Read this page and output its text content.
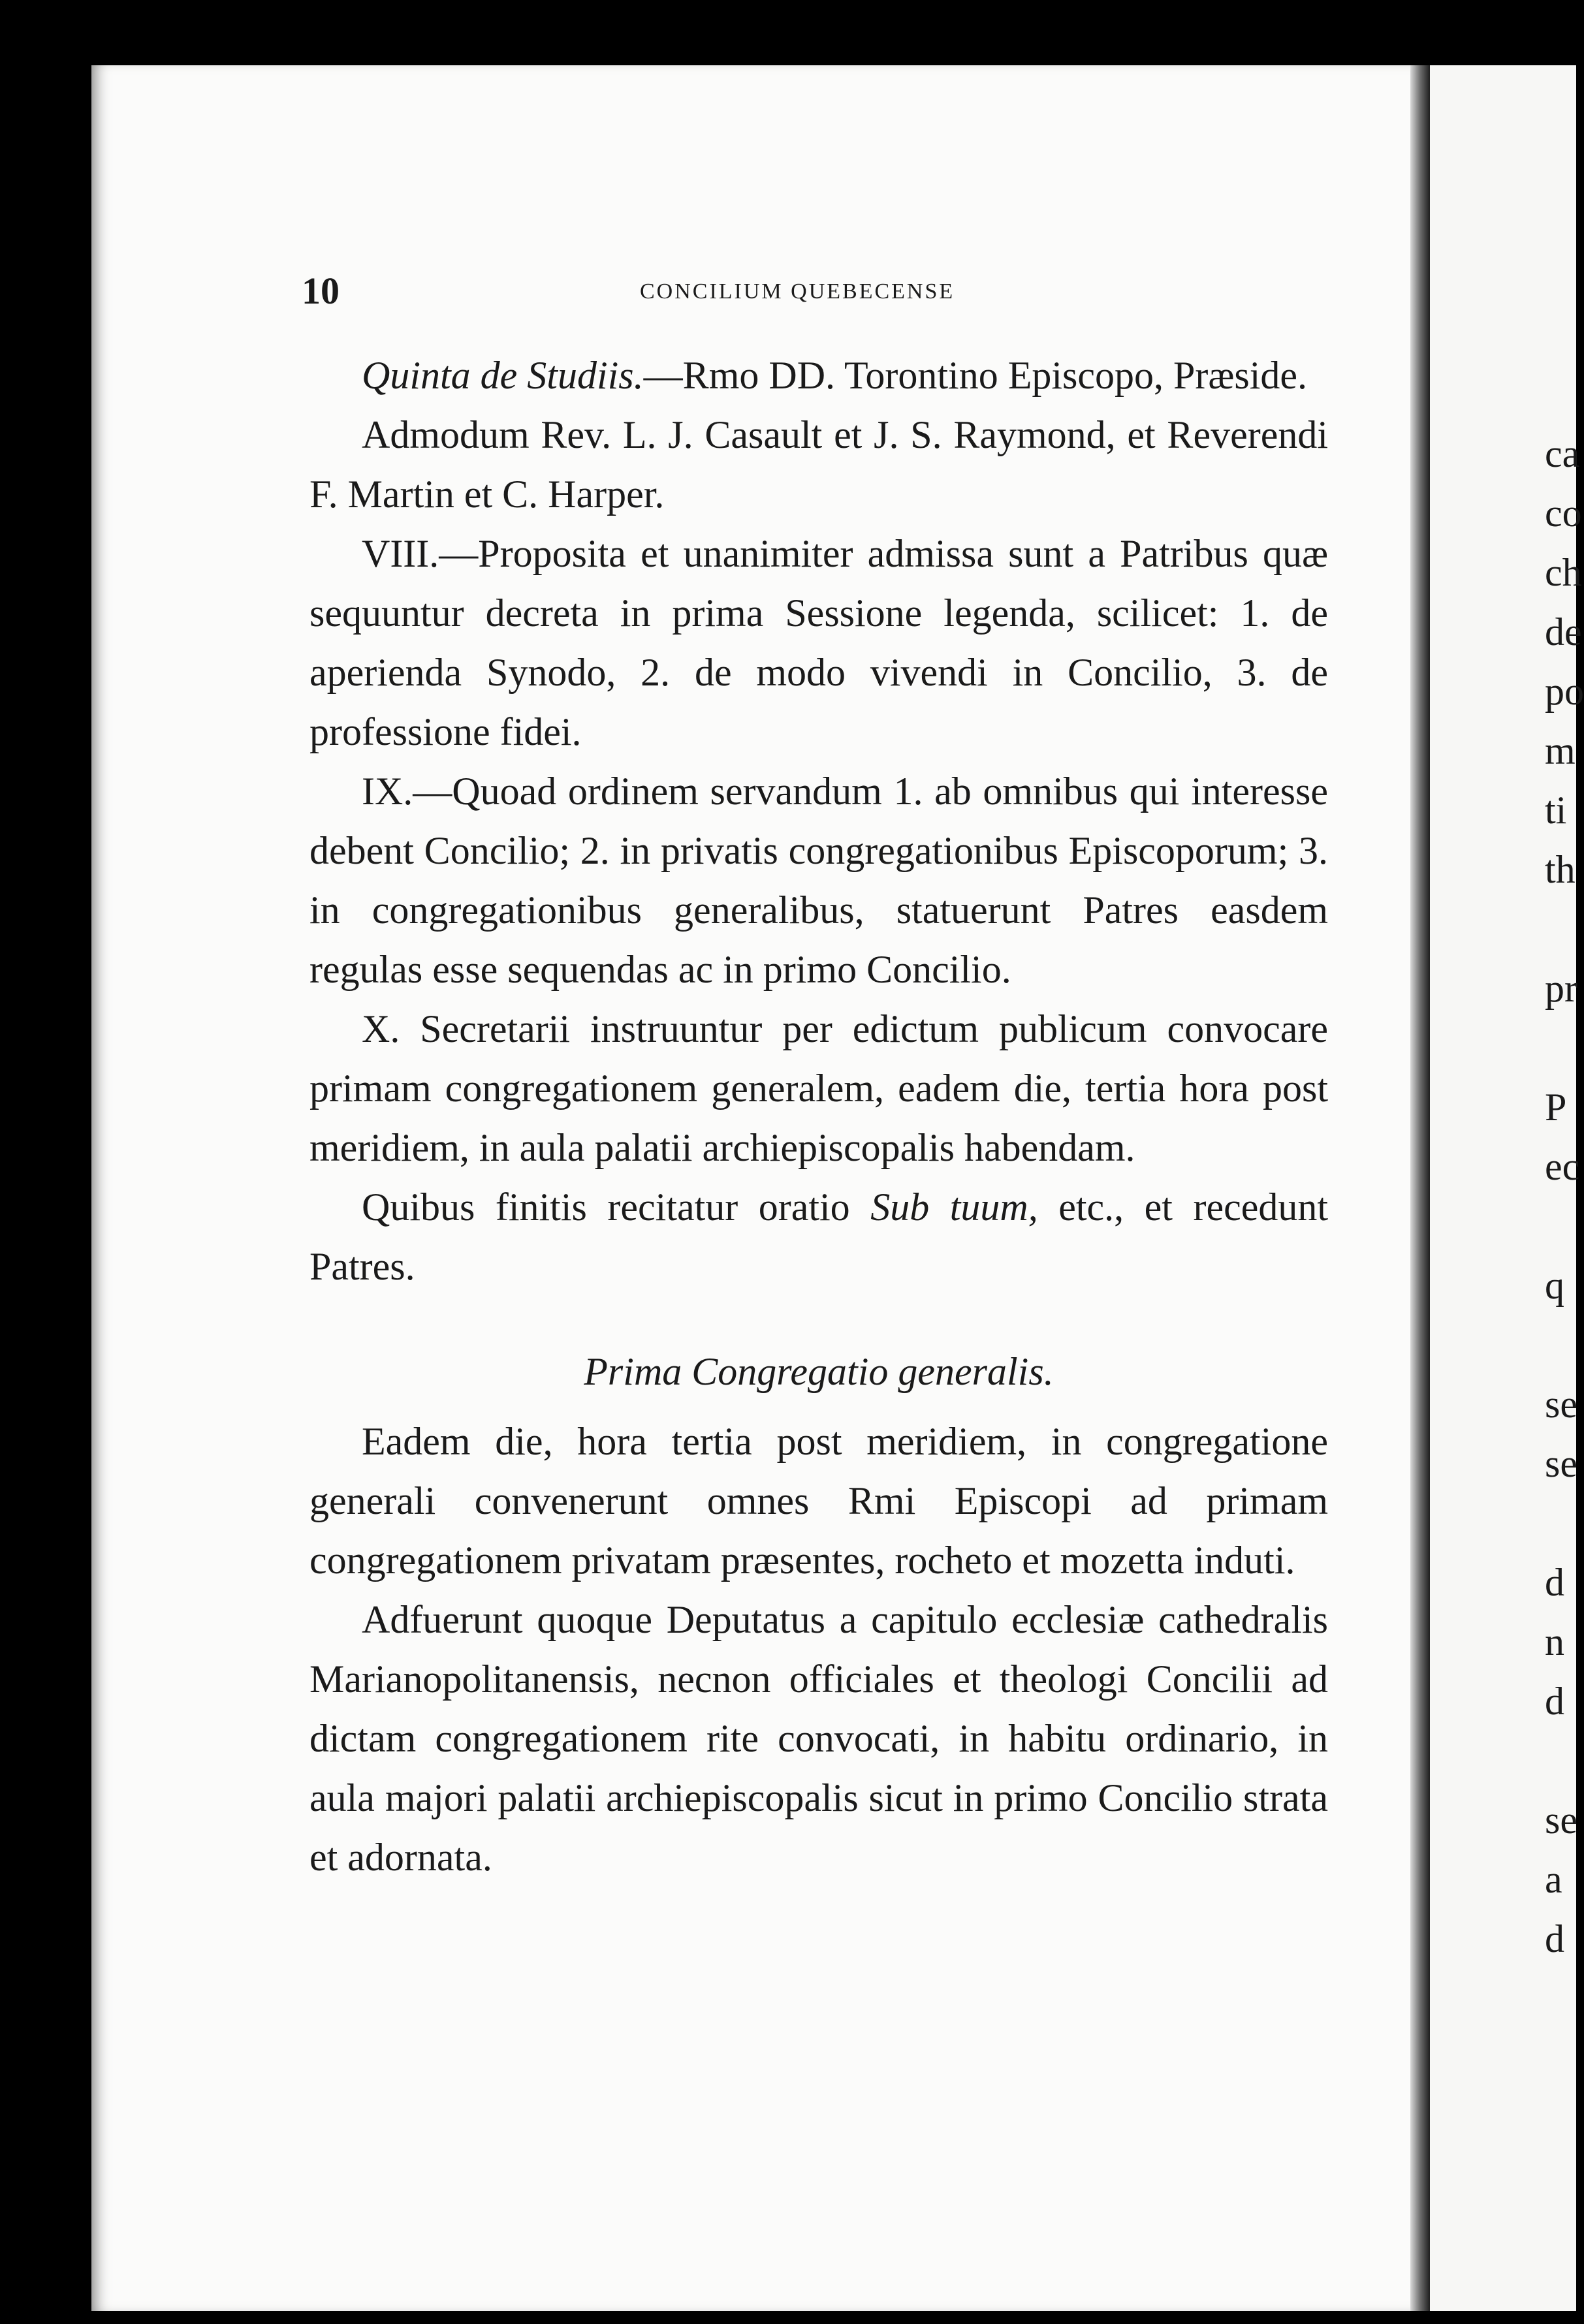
10	CONCILIUM QUEBECENSE

Quinta de Studiis.—Rmo DD. Torontino Episcopo, Præside.

Admodum Rev. L. J. Casault et J. S. Raymond, et Reverendi F. Martin et C. Harper.

VIII.—Proposita et unanimiter admissa sunt a Patribus quæ sequuntur decreta in prima Sessione legenda, scilicet: 1. de aperienda Synodo, 2. de modo vivendi in Concilio, 3. de professione fidei.

IX.—Quoad ordinem servandum 1. ab omnibus qui interesse debent Concilio; 2. in privatis congregationibus Episcoporum; 3. in congregationibus generalibus, statuerunt Patres easdem regulas esse sequendas ac in primo Concilio.

X. Secretarii instruuntur per edictum publicum convocare primam congregationem generalem, eadem die, tertia hora post meridiem, in aula palatii archiepiscopalis habendam.

Quibus finitis recitatur oratio Sub tuum, etc., et recedunt Patres.

Prima Congregatio generalis.

Eadem die, hora tertia post meridiem, in congregatione generali convenerunt omnes Rmi Episcopi ad primam congregationem privatam præsentes, rocheto et mozetta induti.

Adfuerunt quoque Deputatus a capitulo ecclesiæ cathedralis Marianopolitanensis, necnon officiales et theologi Concilii ad dictam congregationem rite convocati, in habitu ordinario, in aula majori palatii archiepiscopalis sicut in primo Concilio strata et adornata.

ca
co
ch
de
po
m
ti
th
pr
P
ec
q
se
se
d
n
d
se
a
d
